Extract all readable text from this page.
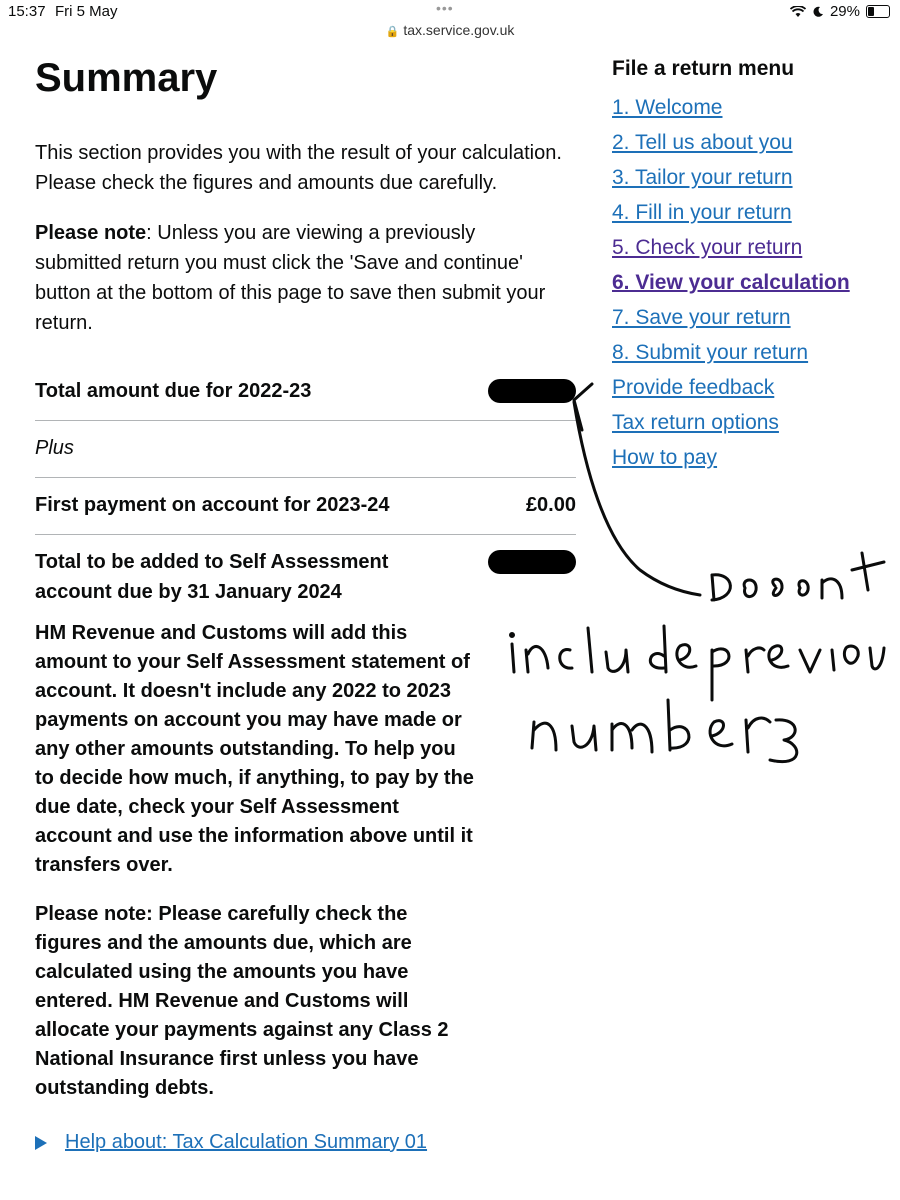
15:37 Fri 5 May	•••	29%
🔒 tax.service.gov.uk
Summary

This section provides you with the result of your calculation. Please check the figures and amounts due carefully.

Please note: Unless you are viewing a previously submitted return you must click the 'Save and continue' button at the bottom of this page to save then submit your return.

Total amount due for 2022-23
Plus
First payment on account for 2023-24	£0.00
Total to be added to Self Assessment account due by 31 January 2024

HM Revenue and Customs will add this amount to your Self Assessment statement of account. It doesn't include any 2022 to 2023 payments on account you may have made or any other amounts outstanding. To help you to decide how much, if anything, to pay by the due date, check your Self Assessment account and use the information above until it transfers over.

Please note: Please carefully check the figures and the amounts due, which are calculated using the amounts you have entered. HM Revenue and Customs will allocate your payments against any Class 2 National Insurance first unless you have outstanding debts.

Help about: Tax Calculation Summary 01
File a return menu
1. Welcome
2. Tell us about you
3. Tailor your return
4. Fill in your return
5. Check your return
6. View your calculation
7. Save your return
8. Submit your return
Provide feedback
Tax return options
How to pay
